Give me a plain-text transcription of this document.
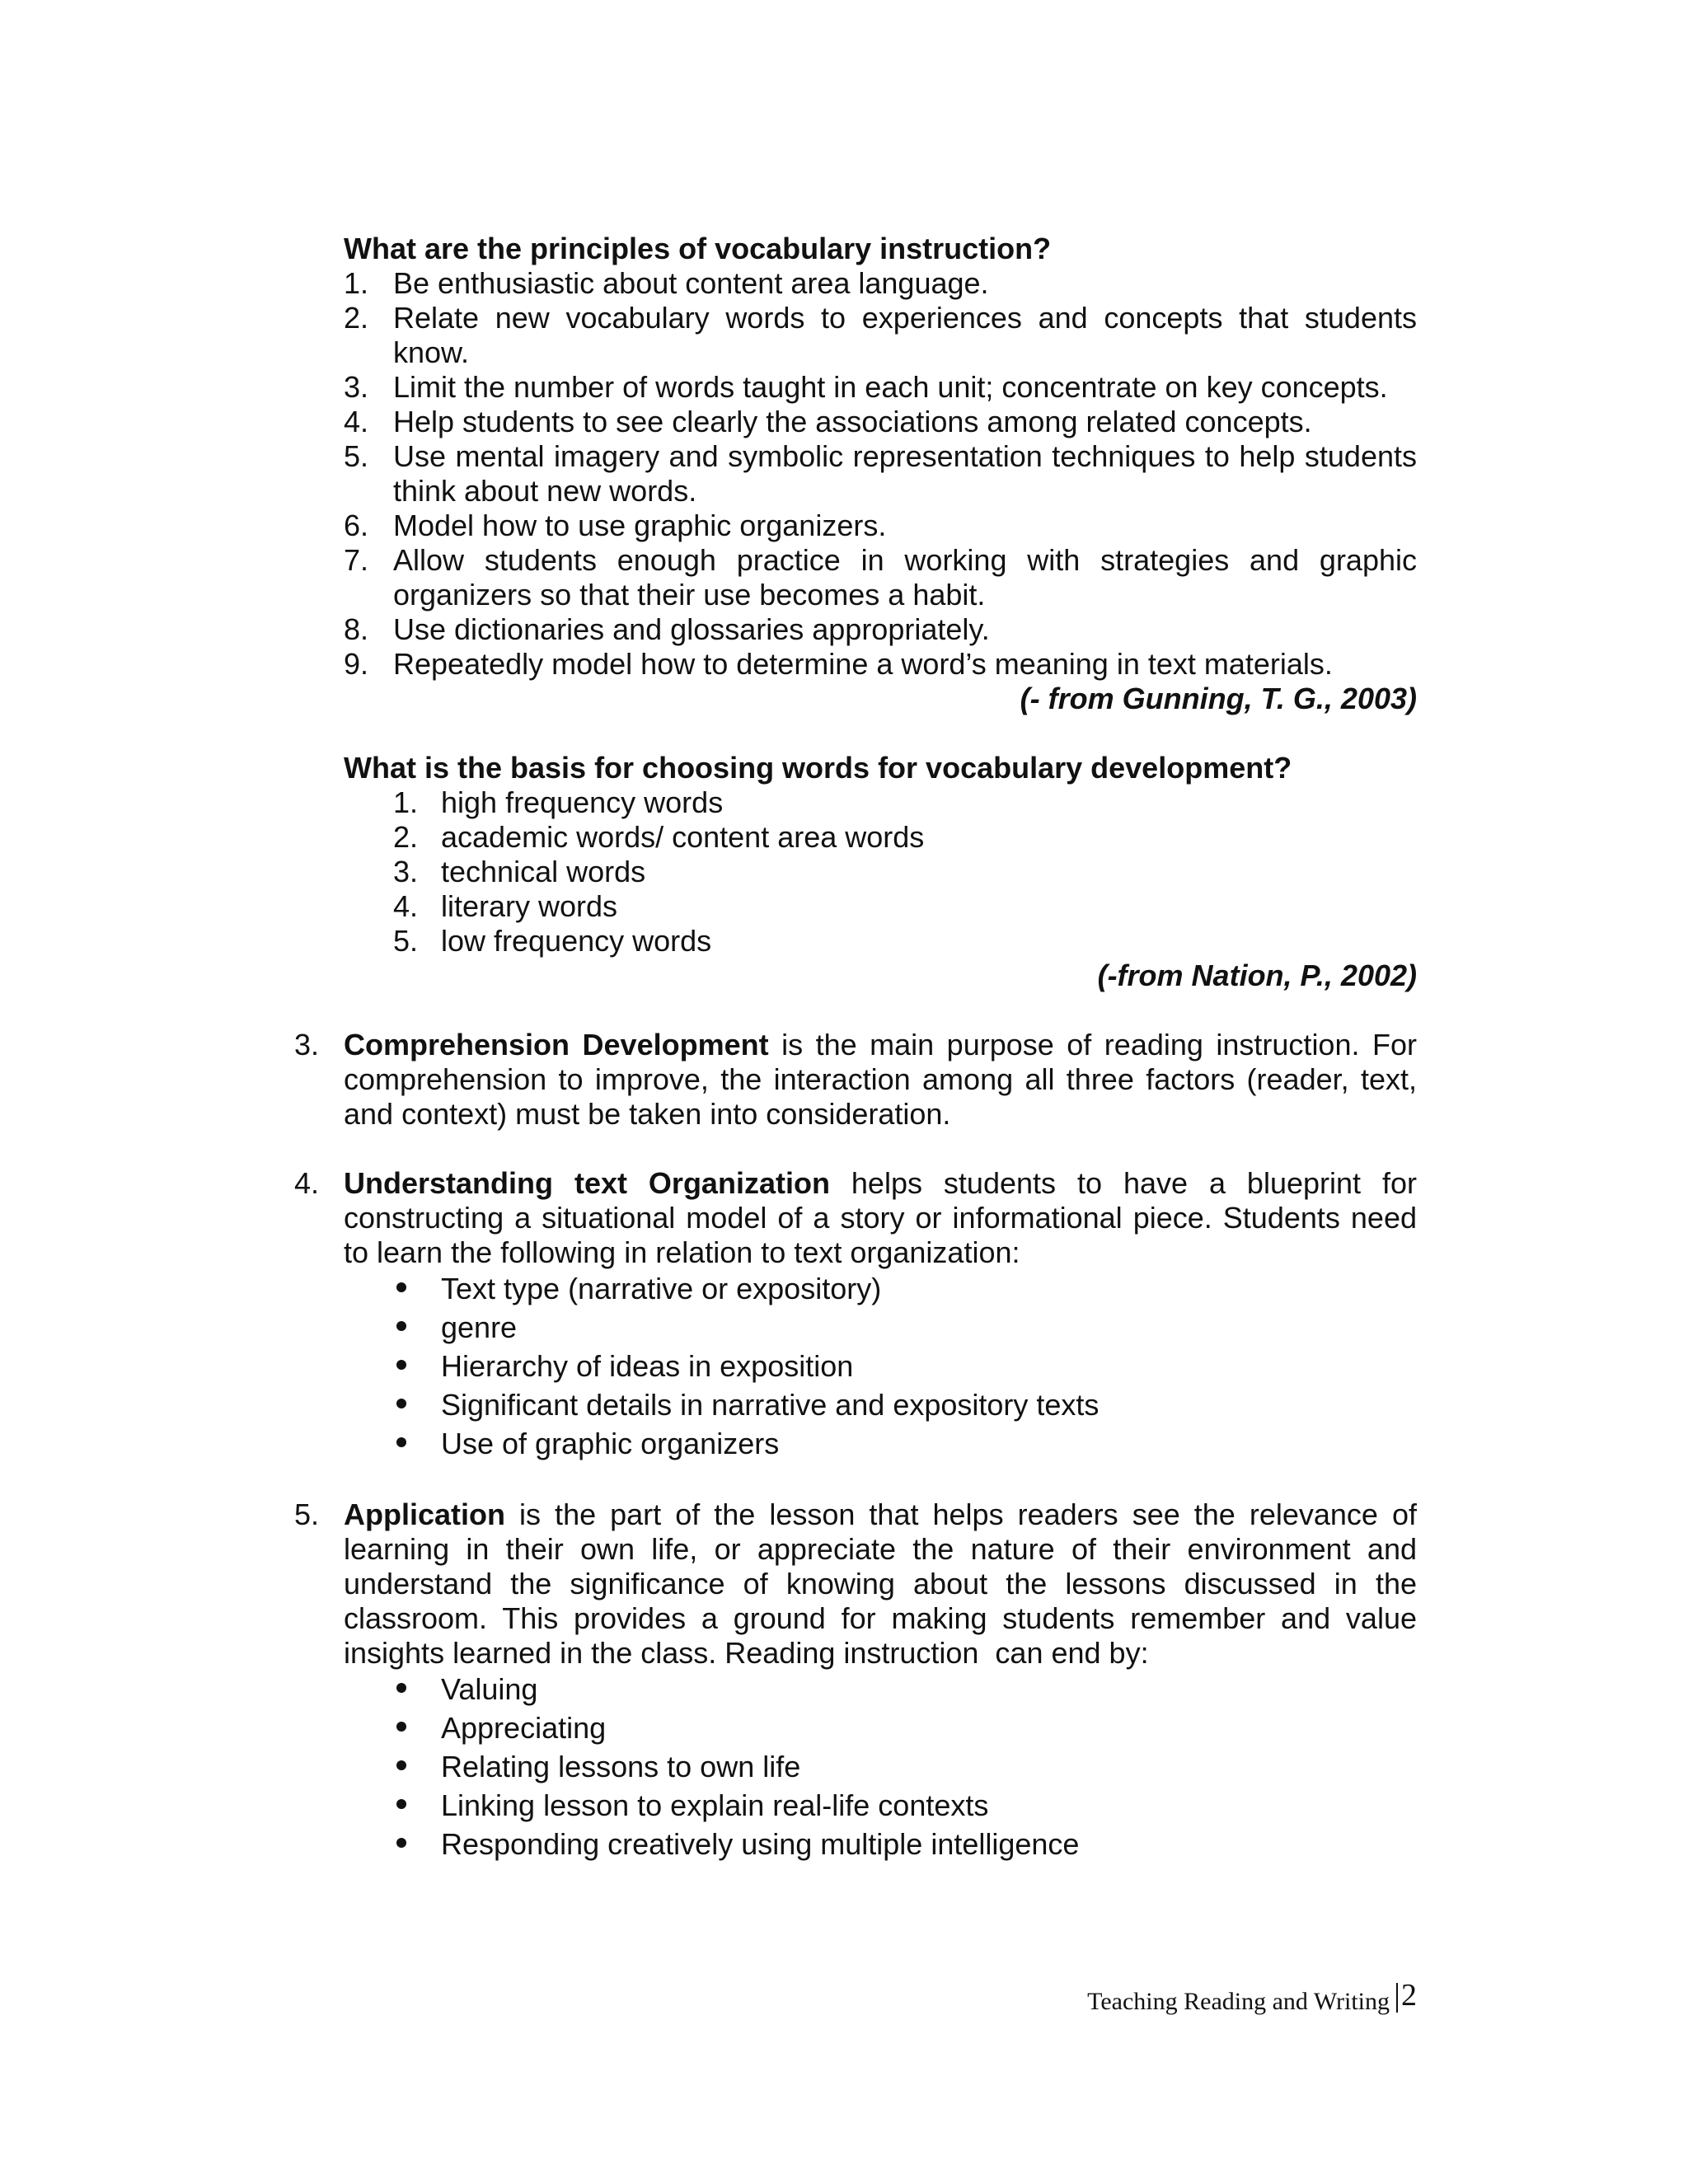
What are the principles of vocabulary instruction?
1. Be enthusiastic about content area language.
2. Relate new vocabulary words to experiences and concepts that students
know.
3. Limit the number of words taught in each unit; concentrate on key concepts.
4. Help students to see clearly the associations among related concepts.
5. Use mental imagery and symbolic representation techniques to help students
think about new words.
6. Model how to use graphic organizers.
7. Allow students enough practice in working with strategies and graphic
organizers so that their use becomes a habit.
8. Use dictionaries and glossaries appropriately.
9. Repeatedly model how to determine a word’s meaning in text materials.
(- from Gunning, T. G., 2003)
What is the basis for choosing words for vocabulary development?
1. high frequency words
2. academic words/ content area words
3. technical words
4. literary words
5. low frequency words
(-from Nation, P., 2002)
3. Comprehension Development is the main purpose of reading instruction. For
comprehension to improve, the interaction among all three factors (reader, text,
and context) must be taken into consideration.
4. Understanding text Organization helps students to have a blueprint for
constructing a situational model of a story or informational piece. Students need
to learn the following in relation to text organization:
Text type (narrative or expository)
genre
Hierarchy of ideas in exposition
Significant details in narrative and expository texts
Use of graphic organizers
5. Application is the part of the lesson that helps readers see the relevance of
learning in their own life, or appreciate the nature of their environment and
understand the significance of knowing about the lessons discussed in the
classroom. This provides a ground for making students remember and value
insights learned in the class. Reading instruction  can end by:
Valuing
Appreciating
Relating lessons to own life
Linking lesson to explain real-life contexts
Responding creatively using multiple intelligence
Teaching Reading and Writing 2
